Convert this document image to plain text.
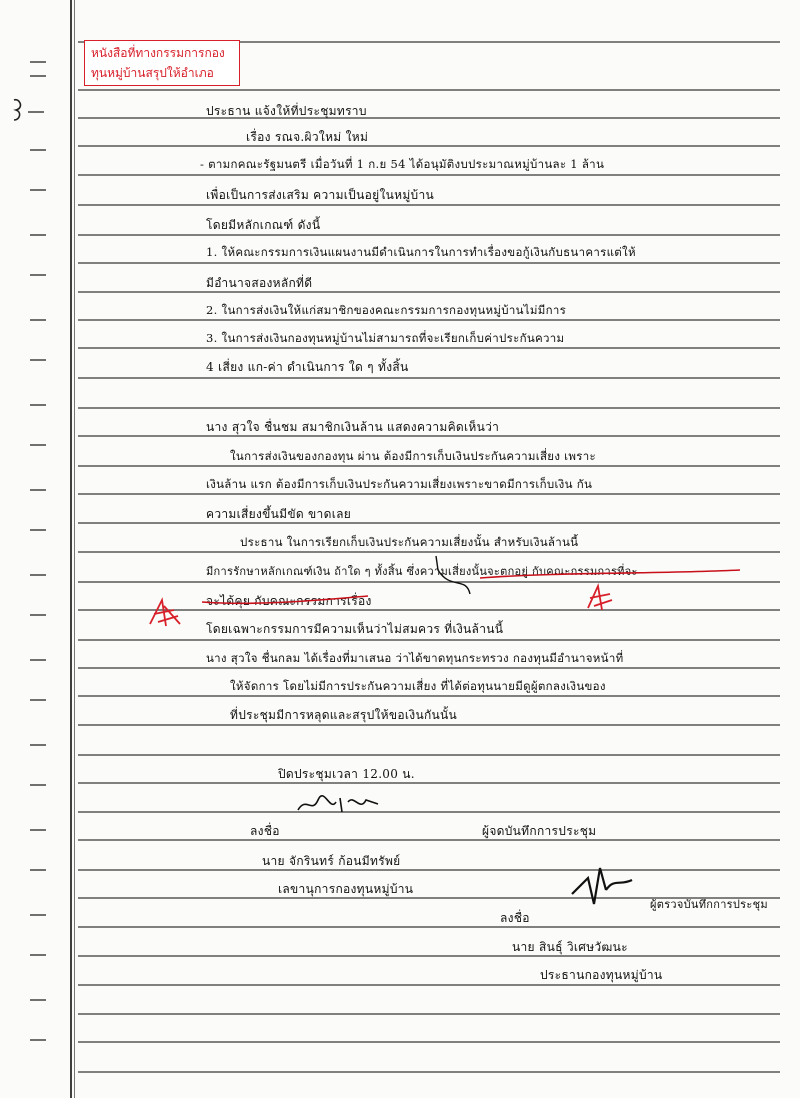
หนังสือที่ทางกรรมการกอง
ทุนหมู่บ้านสรุปให้อำเภอ
ประธาน แจ้งให้ที่ประชุมทราบ
เรื่อง รณจ.ผิวใหม่ ใหม่
- ตามกคณะรัฐมนตรี เมื่อวันที่ 1 ก.ย 54 ได้อนุมัติงบประมาณหมู่บ้านละ 1 ล้าน
เพื่อเป็นการส่งเสริม ความเป็นอยู่ในหมู่บ้าน
โดยมีหลักเกณฑ์ ดังนี้
1. ให้คณะกรรมการเงินแผนงานมีดำเนินการในการทำเรื่องขอกู้เงินกับธนาคารแต่ให้
มีอำนาจสองหลักที่ดี
2. ในการส่งเงินให้แก่สมาชิกของคณะกรรมการกองทุนหมู่บ้านไม่มีการ
3. ในการส่งเงินกองทุนหมู่บ้านไม่สามารถที่จะเรียกเก็บค่าประกันความ
4 เสี่ยง แก-ค่า ดำเนินการ ใด ๆ ทั้งสิ้น
นาง สุวใจ ชื่นชม สมาชิกเงินล้าน แสดงความคิดเห็นว่า
ในการส่งเงินของกองทุน ผ่าน ต้องมีการเก็บเงินประกันความเสี่ยง เพราะ
เงินล้าน แรก ต้องมีการเก็บเงินประกันความเสี่ยงเพราะขาดมีการเก็บเงิน กัน
ความเสี่ยงขึ้นมีขัด ขาดเลย
ประธาน ในการเรียกเก็บเงินประกันความเสี่ยงนั้น สำหรับเงินล้านนี้
มีการรักษาหลักเกณฑ์เงิน ถ้าใด ๆ ทั้งสิ้น ซึ่งความเสี่ยงนั้นจะตกอยู่ กับคณะกรรมการที่จะ
จะได้คุย กับคณะกรรมการเรื่อง
โดยเฉพาะกรรมการมีความเห็นว่าไม่สมควร ที่เงินล้านนี้
นาง สุวใจ ชื่นกลม ได้เรื่องที่มาเสนอ ว่าได้ขาดทุนกระทรวง กองทุนมีอำนาจหน้าที่
ให้จัดการ โดยไม่มีการประกันความเสี่ยง ที่ได้ต่อทุนนายมีดูผู้ตกลงเงินของ
ที่ประชุมมีการหลุดและสรุปให้ขอเงินกันนั้น
ปิดประชุมเวลา 12.00 น.
ลงชื่อ	ผู้จดบันทึกการประชุม
นาย จักรินทร์ ก้อนมีทรัพย์
เลขานุการกองทุนหมู่บ้าน
ลงชื่อ
ผู้ตรวจบันทึกการประชุม
นาย สินธุ์ วิเศษวัฒนะ
ประธานกองทุนหมู่บ้าน
